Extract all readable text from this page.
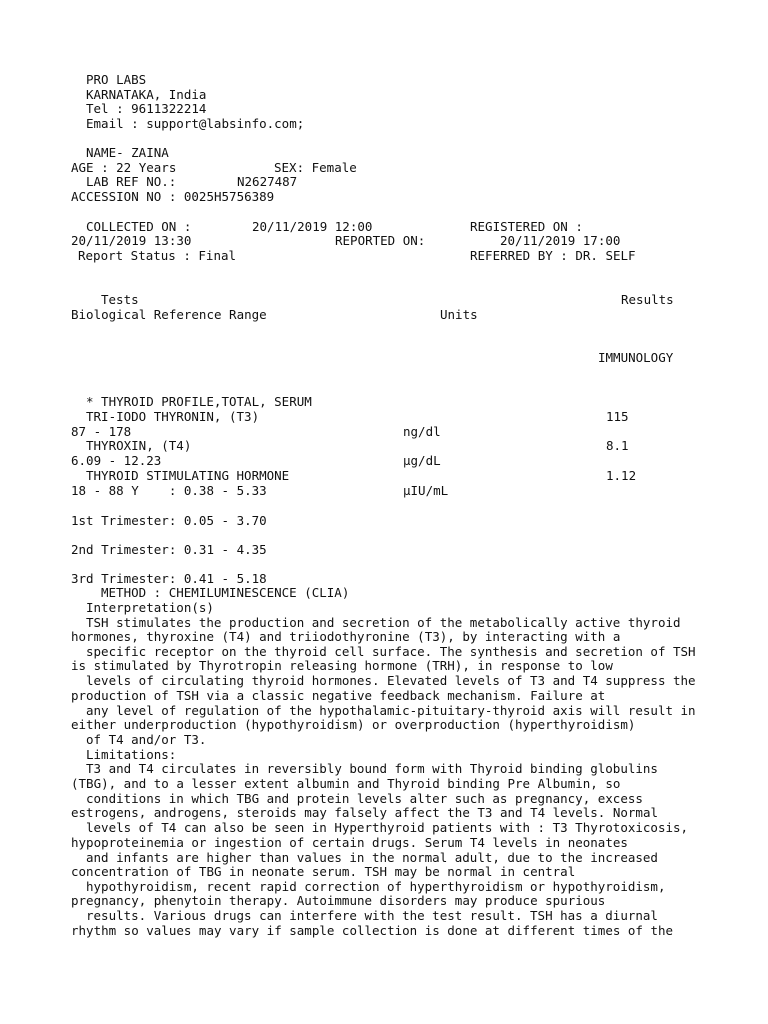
PRO LABS
KARNATAKA, India
Tel : 9611322214
Email : support@labsinfo.com;
NAME- ZAINA
AGE : 22 Years	SEX: Female
LAB REF NO.:	N2627487
ACCESSION NO : 0025H5756389
COLLECTED ON :	20/11/2019 12:00	REGISTERED ON :
20/11/2019 13:30	REPORTED ON:	20/11/2019 17:00
Report Status : Final	REFERRED BY : DR. SELF
Tests	Results
Biological Reference Range	Units
IMMUNOLOGY
* THYROID PROFILE,TOTAL, SERUM
TRI-IODO THYRONIN, (T3)	115
87 - 178	ng/dl
THYROXIN, (T4)	8.1
6.09 - 12.23	µg/dL
THYROID STIMULATING HORMONE	1.12
18 - 88 Y    : 0.38 - 5.33	µIU/mL
1st Trimester: 0.05 - 3.70
2nd Trimester: 0.31 - 4.35
3rd Trimester: 0.41 - 5.18
METHOD : CHEMILUMINESCENCE (CLIA)
Interpretation(s)
TSH stimulates the production and secretion of the metabolically active thyroid
hormones, thyroxine (T4) and triiodothyronine (T3), by interacting with a
specific receptor on the thyroid cell surface. The synthesis and secretion of TSH
is stimulated by Thyrotropin releasing hormone (TRH), in response to low
levels of circulating thyroid hormones. Elevated levels of T3 and T4 suppress the
production of TSH via a classic negative feedback mechanism. Failure at
any level of regulation of the hypothalamic-pituitary-thyroid axis will result in
either underproduction (hypothyroidism) or overproduction (hyperthyroidism)
of T4 and/or T3.
Limitations:
T3 and T4 circulates in reversibly bound form with Thyroid binding globulins
(TBG), and to a lesser extent albumin and Thyroid binding Pre Albumin, so
conditions in which TBG and protein levels alter such as pregnancy, excess
estrogens, androgens, steroids may falsely affect the T3 and T4 levels. Normal
levels of T4 can also be seen in Hyperthyroid patients with : T3 Thyrotoxicosis,
hypoproteinemia or ingestion of certain drugs. Serum T4 levels in neonates
and infants are higher than values in the normal adult, due to the increased
concentration of TBG in neonate serum. TSH may be normal in central
hypothyroidism, recent rapid correction of hyperthyroidism or hypothyroidism,
pregnancy, phenytoin therapy. Autoimmune disorders may produce spurious
results. Various drugs can interfere with the test result. TSH has a diurnal
rhythm so values may vary if sample collection is done at different times of the
